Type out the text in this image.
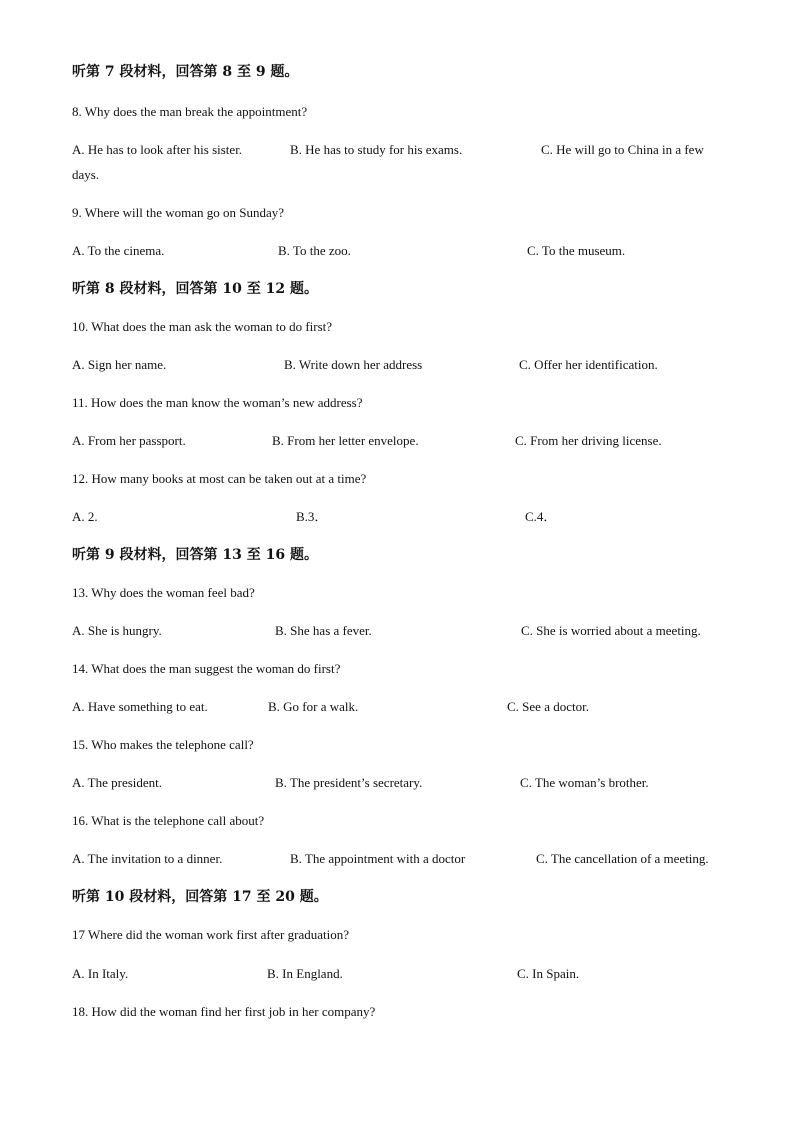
听第 7 段材料，回答第 8 至 9 题。
8. Why does the man break the appointment?
A. He has to look after his sister.	B. He has to study for his exams.	C. He will go to China in a few
days.
9. Where will the woman go on Sunday?
A. To the cinema.	B. To the zoo.	C. To the museum.
听第 8 段材料，回答第 10 至 12 题。
10. What does the man ask the woman to do first?
A. Sign her name.	B. Write down her address	C. Offer her identification.
11. How does the man know the woman’s new address?
A. From her passport.	B. From her letter envelope.	C. From her driving license.
12. How many books at most can be taken out at a time?
A. 2.	B.3．	C.4．
听第 9 段材料，回答第 13 至 16 题。
13. Why does the woman feel bad?
A. She is hungry.	B. She has a fever.	C. She is worried about a meeting.
14. What does the man suggest the woman do first?
A. Have something to eat.	B. Go for a walk.	C. See a doctor.
15. Who makes the telephone call?
A. The president.	B. The president’s secretary.	C. The woman’s brother.
16. What is the telephone call about?
A. The invitation to a dinner.	B. The appointment with a doctor	C. The cancellation of a meeting.
听第 10 段材料，回答第 17 至 20 题。
17 Where did the woman work first after graduation?
A. In Italy.	B. In England.	C. In Spain.
18. How did the woman find her first job in her company?
